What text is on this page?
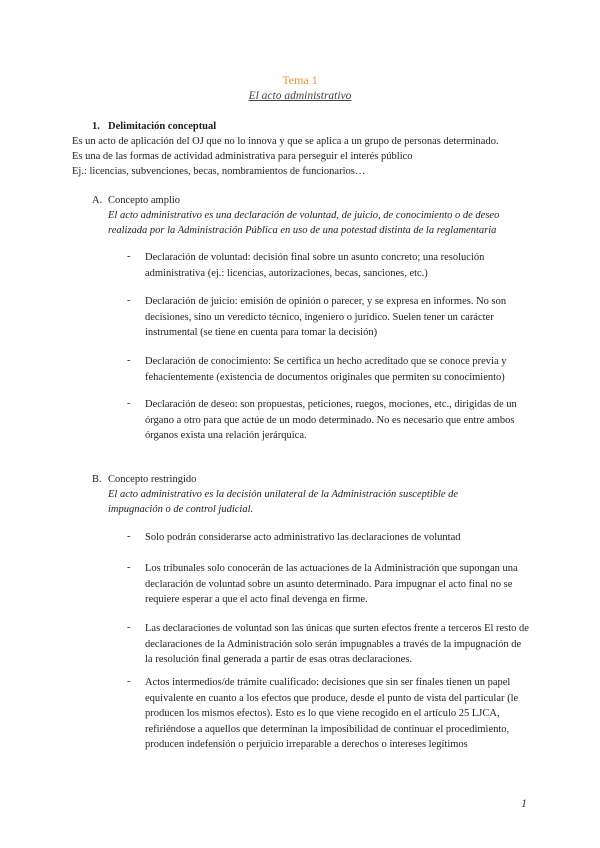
Tema 1
El acto administrativo
1. Delimitación conceptual
Es un acto de aplicación del OJ que no lo innova y que se aplica a un grupo de personas determinado.
Es una de las formas de actividad administrativa para perseguir el interés público
Ej.: licencias, subvenciones, becas, nombramientos de funcionarios…
A. Concepto amplio
El acto administrativo es una declaración de voluntad, de juicio, de conocimiento o de deseo
realizada por la Administración Pública en uso de una potestad distinta de la reglamentaria
- Declaración de voluntad: decisión final sobre un asunto concreto; una resolución administrativa (ej.: licencias, autorizaciones, becas, sanciones, etc.)
- Declaración de juicio: emisión de opinión o parecer, y se expresa en informes. No son decisiones, sino un veredicto técnico, ingeniero o jurídico. Suelen tener un carácter instrumental (se tiene en cuenta para tomar la decisión)
- Declaración de conocimiento: Se certifica un hecho acreditado que se conoce previa y fehacientemente (existencia de documentos originales que permiten su conocimiento)
- Declaración de deseo: son propuestas, peticiones, ruegos, mociones, etc., dirigidas de un órgano a otro para que actúe de un modo determinado. No es necesario que entre ambos órganos exista una relación jerárquica.
B. Concepto restringido
El acto administrativo es la decisión unilateral de la Administración susceptible de
impugnación o de control judicial.
- Solo podrán considerarse acto administrativo las declaraciones de voluntad
- Los tribunales solo conocerán de las actuaciones de la Administración que supongan una declaración de voluntad sobre un asunto determinado. Para impugnar el acto final no se requiere esperar a que el acto final devenga en firme.
- Las declaraciones de voluntad son las únicas que surten efectos frente a terceros El resto de declaraciones de la Administración solo serán impugnables a través de la impugnación de la resolución final generada a partir de esas otras declaraciones.
- Actos intermedios/de trámite cualificado: decisiones que sin ser finales tienen un papel equivalente en cuanto a los efectos que produce, desde el punto de vista del particular (le producen los mismos efectos). Esto es lo que viene recogido en el artículo 25 LJCA, refiriéndose a aquellos que determinan la imposibilidad de continuar el procedimiento, producen indefensión o perjuicio irreparable a derechos o intereses legítimos
1
